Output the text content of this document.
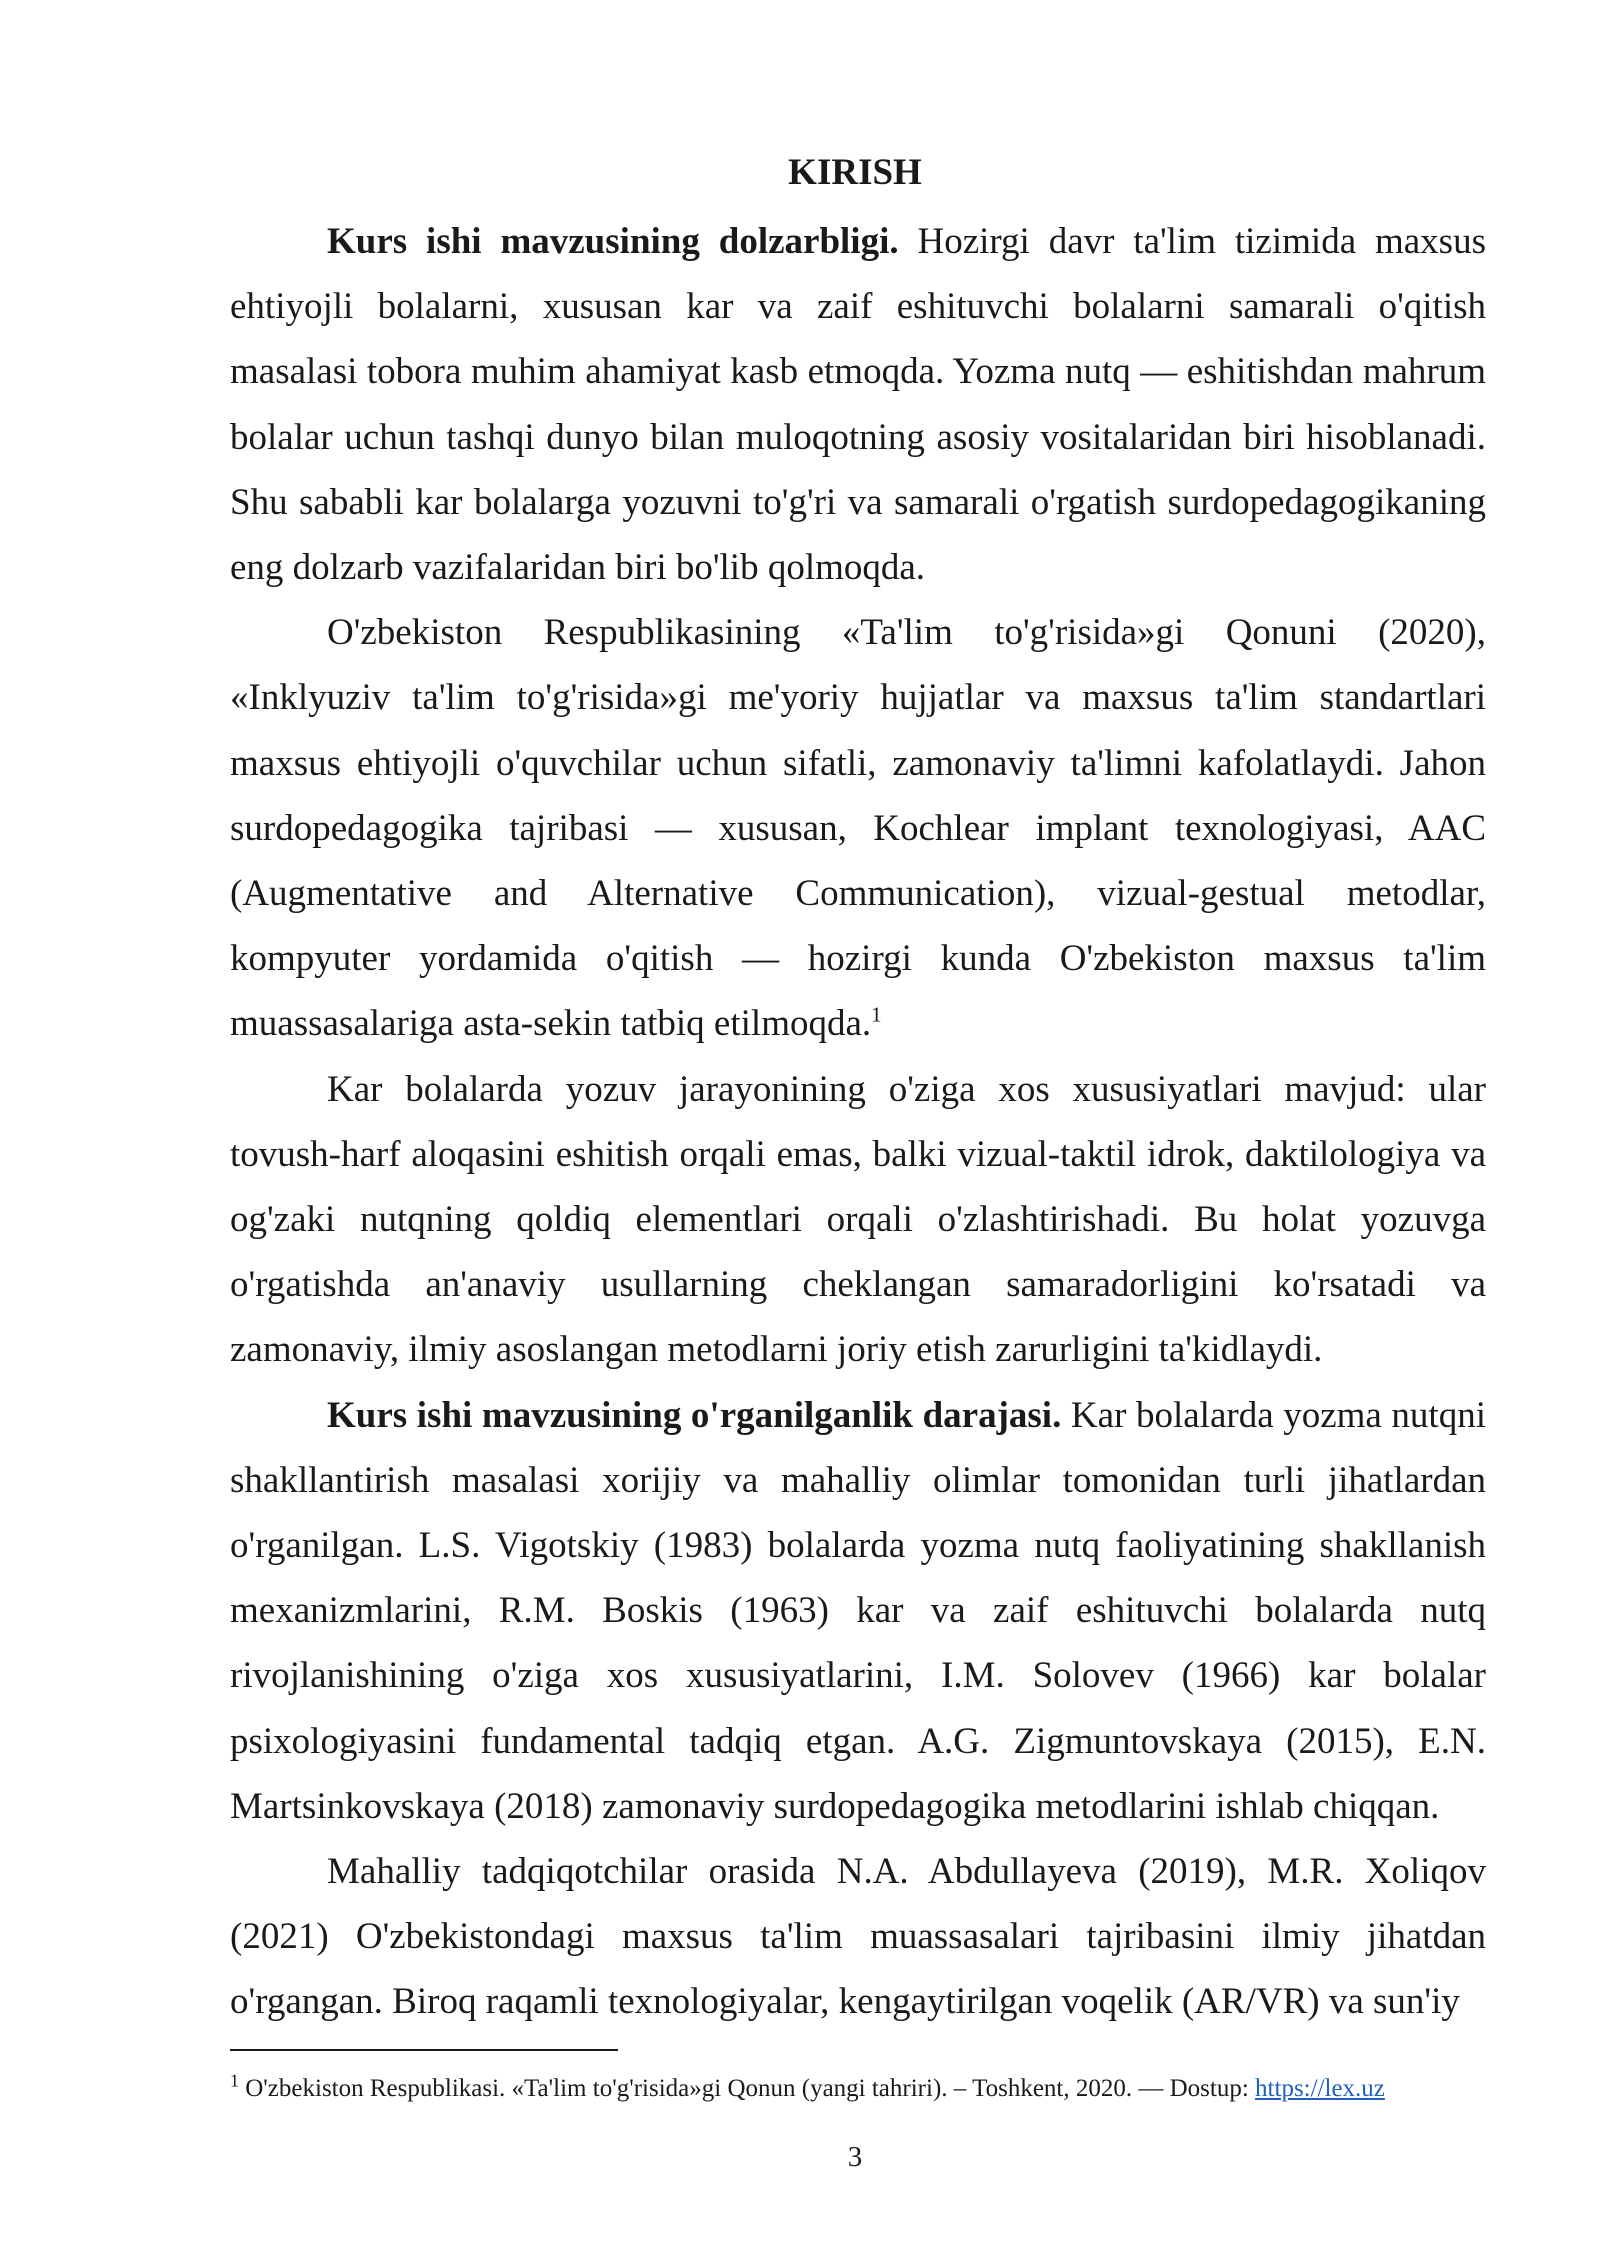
KIRISH

Kurs ishi mavzusining dolzarbligi. Hozirgi davr ta'lim tizimida maxsus ehtiyojli bolalarni, xususan kar va zaif eshituvchi bolalarni samarali o'qitish masalasi tobora muhim ahamiyat kasb etmoqda. Yozma nutq — eshitishdan mahrum bolalar uchun tashqi dunyo bilan muloqotning asosiy vositalaridan biri hisoblanadi. Shu sababli kar bolalarga yozuvni to'g'ri va samarali o'rgatish surdopedagogikaning eng dolzarb vazifalaridan biri bo'lib qolmoqda.

O'zbekiston Respublikasining «Ta'lim to'g'risida»gi Qonuni (2020), «Inklyuziv ta'lim to'g'risida»gi me'yoriy hujjatlar va maxsus ta'lim standartlari maxsus ehtiyojli o'quvchilar uchun sifatli, zamonaviy ta'limni kafolatlaydi. Jahon surdopedagogika tajribasi — xususan, Kochlear implant texnologiyasi, AAC (Augmentative and Alternative Communication), vizual-gestual metodlar, kompyuter yordamida o'qitish — hozirgi kunda O'zbekiston maxsus ta'lim muassasalariga asta-sekin tatbiq etilmoqda.$^1$

Kar bolalarda yozuv jarayonining o'ziga xos xususiyatlari mavjud: ular tovush-harf aloqasini eshitish orqali emas, balki vizual-taktil idrok, daktilologiya va og'zaki nutqning qoldiq elementlari orqali o'zlashtirishadi. Bu holat yozuvga o'rgatishda an'anaviy usullarning cheklangan samaradorligini ko'rsatadi va zamonaviy, ilmiy asoslangan metodlarni joriy etish zarurligini ta'kidlaydi.

Kurs ishi mavzusining o'rganilganlik darajasi. Kar bolalarda yozma nutqni shakllantirish masalasi xorijiy va mahalliy olimlar tomonidan turli jihatlardan o'rganilgan. L.S. Vigotskiy (1983) bolalarda yozma nutq faoliyatining shakllanish mexanizmlarini, R.M. Boskis (1963) kar va zaif eshituvchi bolalarda nutq rivojlanishining o'ziga xos xususiyatlarini, I.M. Solovev (1966) kar bolalar psixologiyasini fundamental tadqiq etgan. A.G. Zigmuntovskaya (2015), E.N. Martsinkovskaya (2018) zamonaviy surdopedagogika metodlarini ishlab chiqqan.

Mahalliy tadqiqotchilar orasida N.A. Abdullayeva (2019), M.R. Xoliqov (2021) O'zbekistondagi maxsus ta'lim muassasalari tajribasini ilmiy jihatdan o'rgangan. Biroq raqamli texnologiyalar, kengaytirilgan voqelik (AR/VR) va sun'iy

$^1$ O'zbekiston Respublikasi. «Ta'lim to'g'risida»gi Qonun (yangi tahriri). – Toshkent, 2020. — Dostup: https://lex.uz
3
